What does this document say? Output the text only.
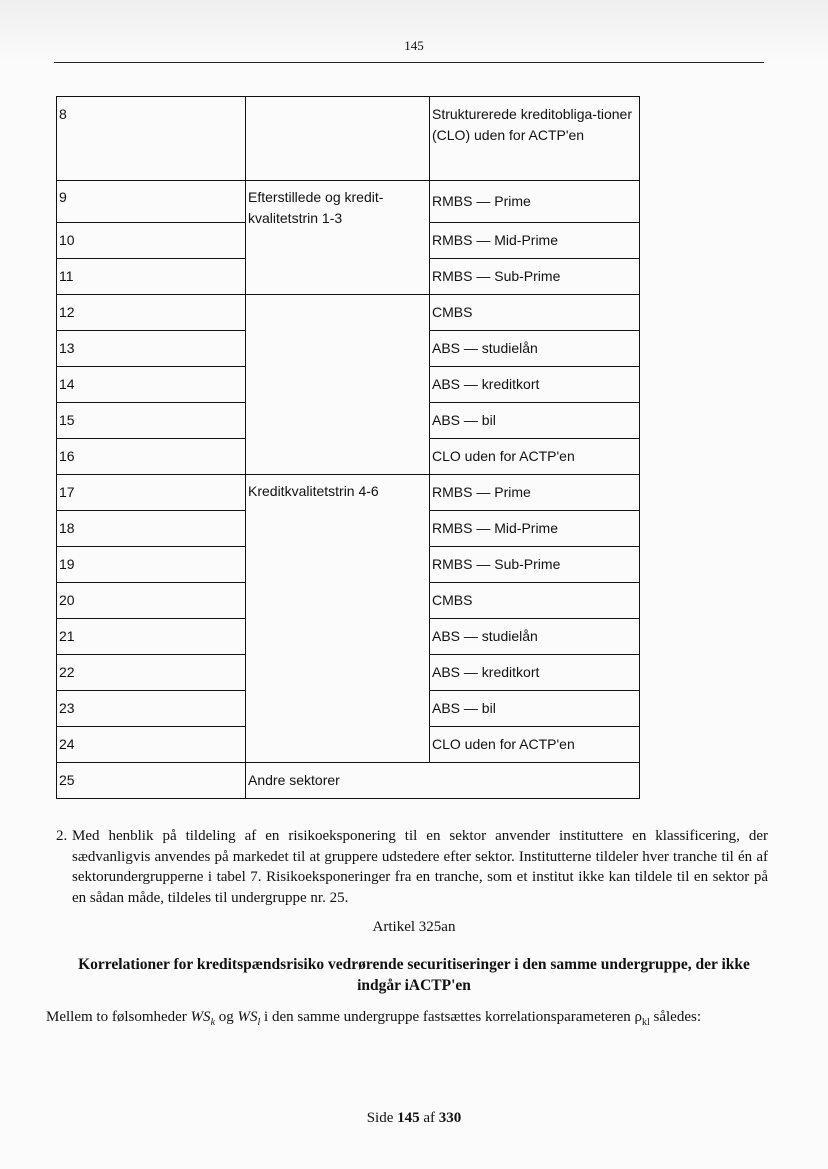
145
8		Strukturerede kreditobliga-tioner (CLO) uden for ACTP'en
9	Efterstillede og kredit-kvalitetstrin 1-3	RMBS — Prime
10		RMBS — Mid-Prime
11		RMBS — Sub-Prime
12		CMBS
13		ABS — studielån
14		ABS — kreditkort
15		ABS — bil
16		CLO uden for ACTP'en
17	Kreditkvalitetstrin 4-6	RMBS — Prime
18		RMBS — Mid-Prime
19		RMBS — Sub-Prime
20		CMBS
21		ABS — studielån
22		ABS — kreditkort
23		ABS — bil
24		CLO uden for ACTP'en
25	Andre sektorer	

2. Med henblik på tildeling af en risikoeksponering til en sektor anvender instituttere en klassificering, der sædvanligvis anvendes på markedet til at gruppere udstedere efter sektor. Institutterne tildeler hver tranche til én af sektorundergrupperne i tabel 7. Risikoeksponeringer fra en tranche, som et institut ikke kan tildele til en sektor på en sådan måde, tildeles til undergruppe nr. 25.

Artikel 325an
Korrelationer for kreditspændsrisiko vedrørende securitiseringer i den samme undergruppe, der ikke indgår iACTP'en
Mellem to følsomheder $WS_k$ og $WS_l$ i den samme undergruppe fastsættes korrelationsparameteren $\rho_{kl}$ således:
Side 145 af 330
